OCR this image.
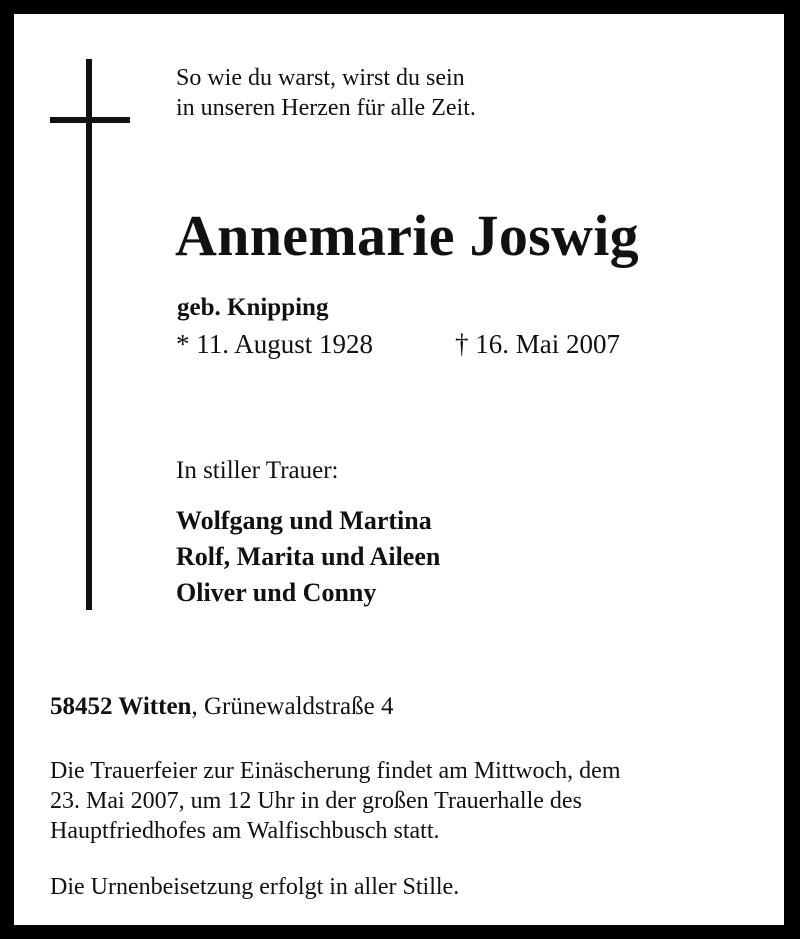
So wie du warst, wirst du sein
in unseren Herzen für alle Zeit.
Annemarie Joswig
geb. Knipping
* 11. August 1928	† 16. Mai 2007
In stiller Trauer:
Wolfgang und Martina
Rolf, Marita und Aileen
Oliver und Conny
58452 Witten, Grünewaldstraße 4
Die Trauerfeier zur Einäscherung findet am Mittwoch, dem
23. Mai 2007, um 12 Uhr in der großen Trauerhalle des
Hauptfriedhofes am Walfischbusch statt.
Die Urnenbeisetzung erfolgt in aller Stille.
